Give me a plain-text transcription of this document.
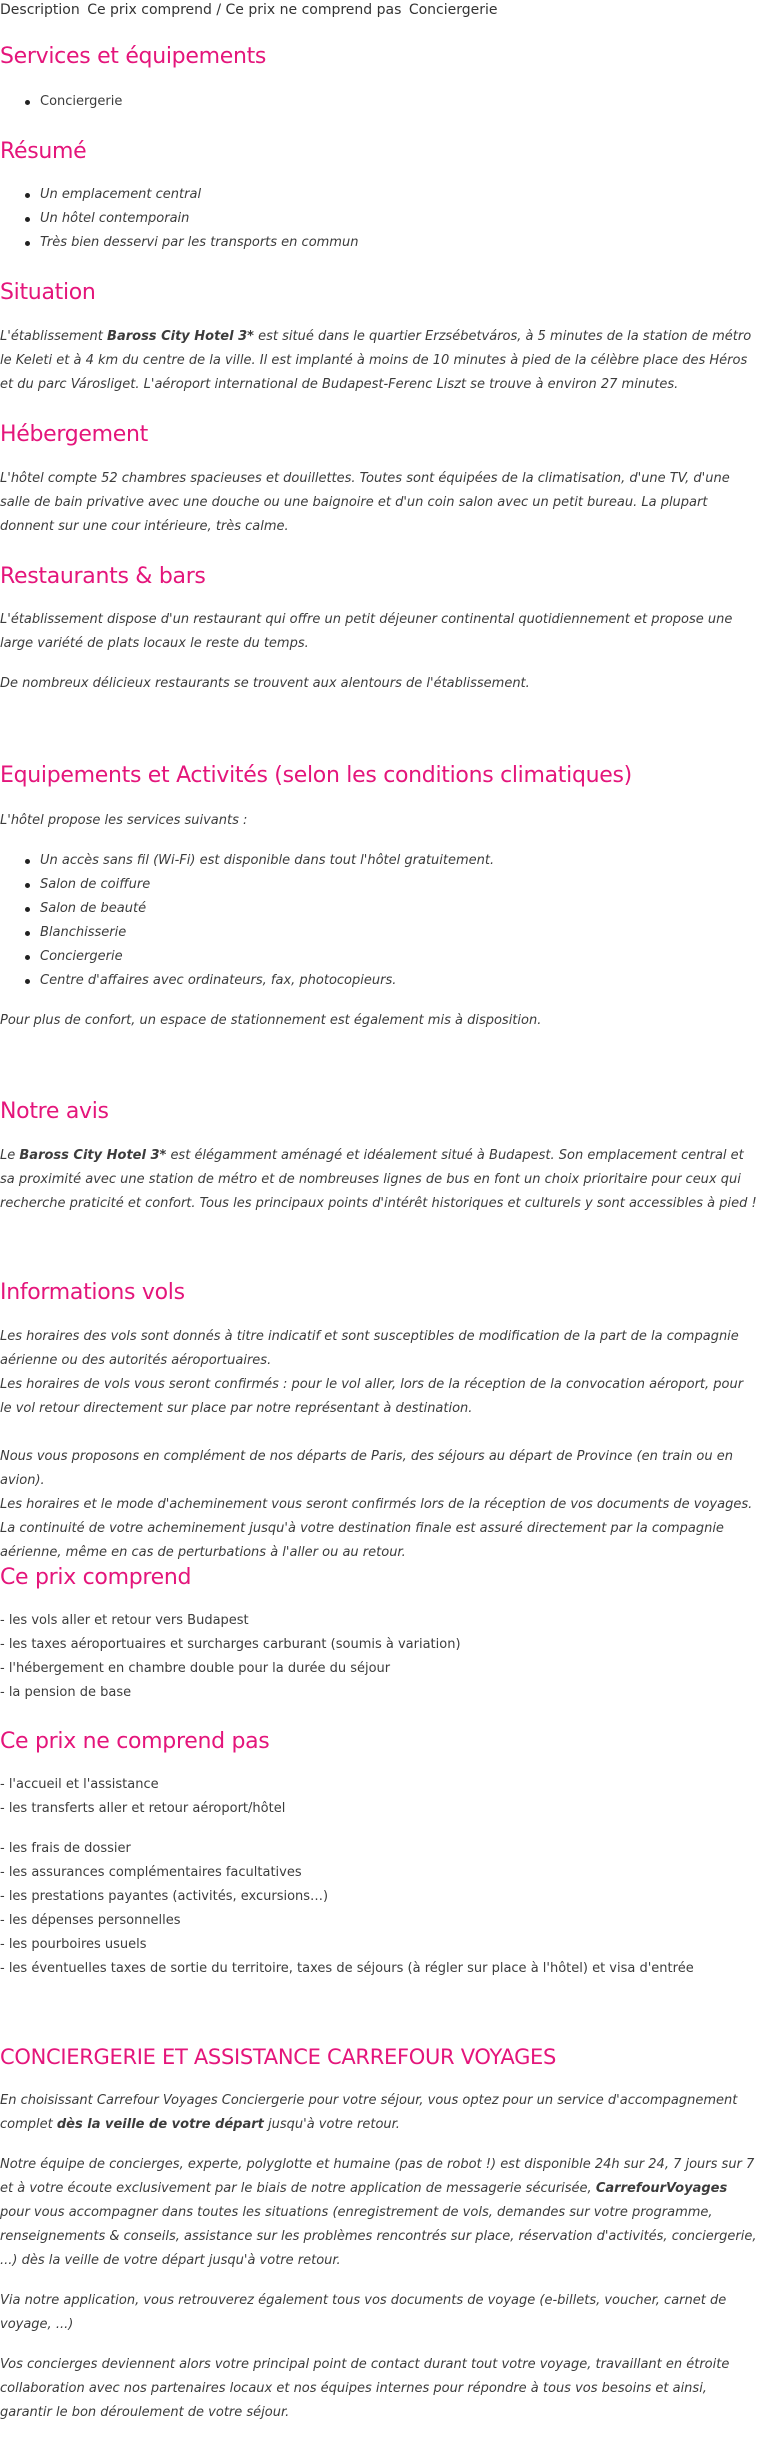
Description Ce prix comprend / Ce prix ne comprend pas Conciergerie
Services et équipements
Conciergerie
Résumé
Un emplacement central
Un hôtel contemporain
Très bien desservi par les transports en commun
Situation

L'établissement Baross City Hotel 3* est situé dans le quartier Erzsébetváros, à 5 minutes de la station de métro le Keleti et à 4 km du centre de la ville. Il est implanté à moins de 10 minutes à pied de la célèbre place des Héros et du parc Városliget. L'aéroport international de Budapest-Ferenc Liszt se trouve à environ 27 minutes.

Hébergement

L'hôtel compte 52 chambres spacieuses et douillettes. Toutes sont équipées de la climatisation, d'une TV, d'une salle de bain privative avec une douche ou une baignoire et d'un coin salon avec un petit bureau. La plupart donnent sur une cour intérieure, très calme.

Restaurants & bars

L'établissement dispose d'un restaurant qui offre un petit déjeuner continental quotidiennement et propose une large variété de plats locaux le reste du temps.

De nombreux délicieux restaurants se trouvent aux alentours de l'établissement.

Equipements et Activités (selon les conditions climatiques)

L'hôtel propose les services suivants :

Un accès sans fil (Wi-Fi) est disponible dans tout l'hôtel gratuitement.
Salon de coiffure
Salon de beauté
Blanchisserie
Conciergerie
Centre d'affaires avec ordinateurs, fax, photocopieurs.

Pour plus de confort, un espace de stationnement est également mis à disposition.

Notre avis

Le Baross City Hotel 3* est élégamment aménagé et idéalement situé à Budapest. Son emplacement central et sa proximité avec une station de métro et de nombreuses lignes de bus en font un choix prioritaire pour ceux qui recherche praticité et confort. Tous les principaux points d'intérêt historiques et culturels y sont accessibles à pied !

Informations vols
Les horaires des vols sont donnés à titre indicatif et sont susceptibles de modification de la part de la compagnie aérienne ou des autorités aéroportuaires.
Les horaires de vols vous seront confirmés : pour le vol aller, lors de la réception de la convocation aéroport, pour le vol retour directement sur place par notre représentant à destination.
Nous vous proposons en complément de nos départs de Paris, des séjours au départ de Province (en train ou en avion).
Les horaires et le mode d'acheminement vous seront confirmés lors de la réception de vos documents de voyages.
La continuité de votre acheminement jusqu'à votre destination finale est assuré directement par la compagnie aérienne, même en cas de perturbations à l'aller ou au retour.
Ce prix comprend
- les vols aller et retour vers Budapest
- les taxes aéroportuaires et surcharges carburant (soumis à variation)
- l'hébergement en chambre double pour la durée du séjour
- la pension de base
Ce prix ne comprend pas
- l'accueil et l'assistance
- les transferts aller et retour aéroport/hôtel
- les frais de dossier
- les assurances complémentaires facultatives
- les prestations payantes (activités, excursions…)
- les dépenses personnelles
- les pourboires usuels
- les éventuelles taxes de sortie du territoire, taxes de séjours (à régler sur place à l'hôtel) et visa d'entrée
CONCIERGERIE ET ASSISTANCE CARREFOUR VOYAGES

En choisissant Carrefour Voyages Conciergerie pour votre séjour, vous optez pour un service d'accompagnement complet dès la veille de votre départ jusqu'à votre retour.

Notre équipe de concierges, experte, polyglotte et humaine (pas de robot !) est disponible 24h sur 24, 7 jours sur 7 et à votre écoute exclusivement par le biais de notre application de messagerie sécurisée, CarrefourVoyages pour vous accompagner dans toutes les situations (enregistrement de vols, demandes sur votre programme, renseignements & conseils, assistance sur les problèmes rencontrés sur place, réservation d'activités, conciergerie, ...) dès la veille de votre départ jusqu'à votre retour.

Via notre application, vous retrouverez également tous vos documents de voyage (e-billets, voucher, carnet de voyage, ...)

Vos concierges deviennent alors votre principal point de contact durant tout votre voyage, travaillant en étroite collaboration avec nos partenaires locaux et nos équipes internes pour répondre à tous vos besoins et ainsi, garantir le bon déroulement de votre séjour.
